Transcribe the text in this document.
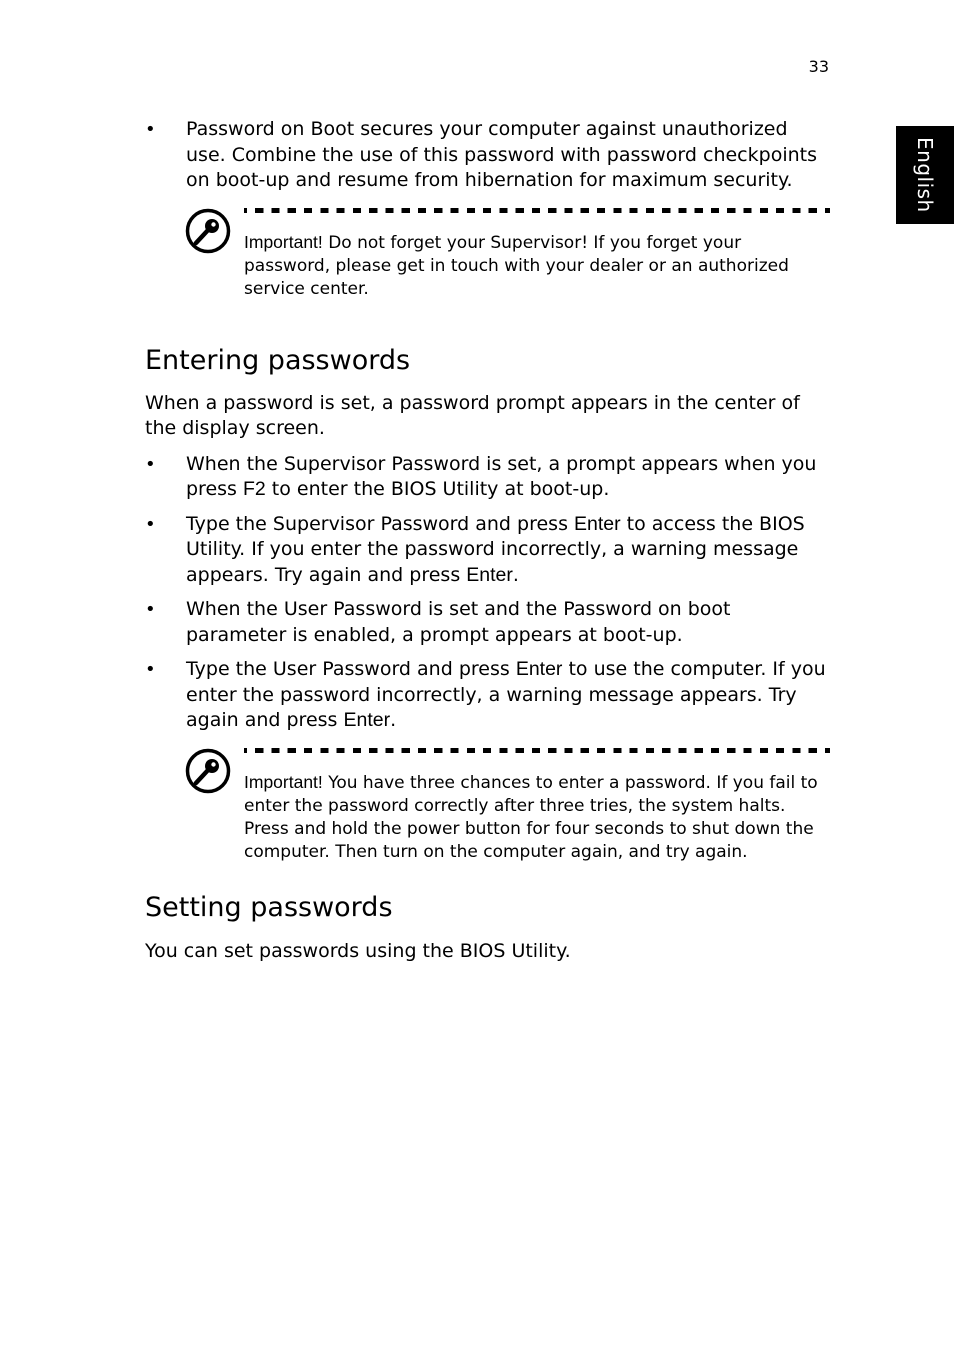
33
English
• Password on Boot secures your computer against unauthorized use. Combine the use of this password with password checkpoints on boot-up and resume from hibernation for maximum security.
Important! Do not forget your Supervisor! If you forget your password, please get in touch with your dealer or an authorized service center.
Entering passwords

When a password is set, a password prompt appears in the center of the display screen.

• When the Supervisor Password is set, a prompt appears when you press F2 to enter the BIOS Utility at boot-up.
• Type the Supervisor Password and press Enter to access the BIOS Utility. If you enter the password incorrectly, a warning message appears. Try again and press Enter.
• When the User Password is set and the Password on boot parameter is enabled, a prompt appears at boot-up.
• Type the User Password and press Enter to use the computer. If you enter the password incorrectly, a warning message appears. Try again and press Enter.
Important! You have three chances to enter a password. If you fail to enter the password correctly after three tries, the system halts. Press and hold the power button for four seconds to shut down the computer. Then turn on the computer again, and try again.
Setting passwords

You can set passwords using the BIOS Utility.
